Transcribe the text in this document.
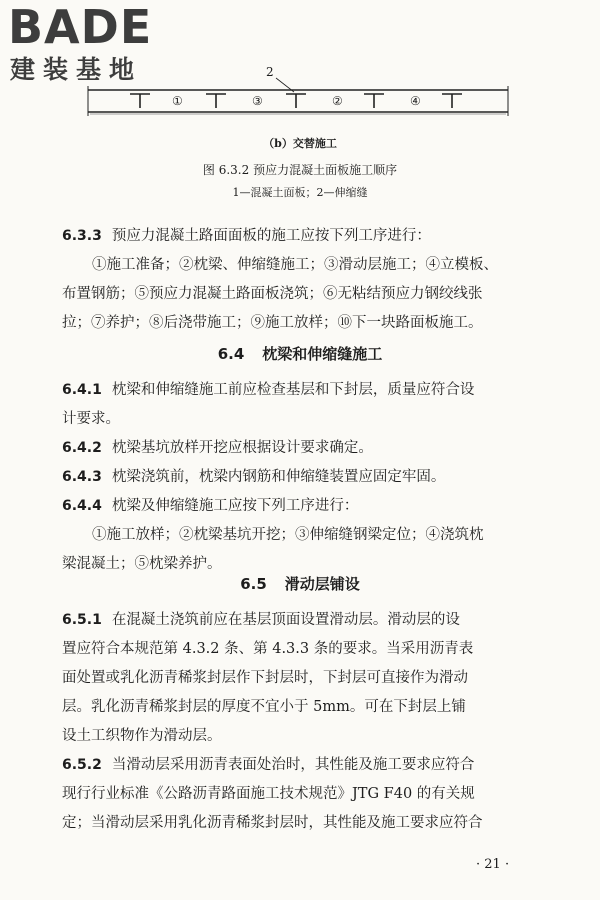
BADE
建装基地	2
①	③	②	④
（b）交替施工
图 6.3.2 预应力混凝土面板施工顺序
1—混凝土面板；2—伸缩缝
6.3.3 预应力混凝土路面面板的施工应按下列工序进行：
①施工准备；②枕梁、伸缩缝施工；③滑动层施工；④立模板、
布置钢筋；⑤预应力混凝土路面板浇筑；⑥无粘结预应力钢绞线张
拉；⑦养护；⑧后浇带施工；⑨施工放样；⑩下一块路面板施工。
6.4 枕梁和伸缩缝施工
6.4.1 枕梁和伸缩缝施工前应检查基层和下封层，质量应符合设
计要求。
6.4.2 枕梁基坑放样开挖应根据设计要求确定。
6.4.3 枕梁浇筑前，枕梁内钢筋和伸缩缝装置应固定牢固。
6.4.4 枕梁及伸缩缝施工应按下列工序进行：
①施工放样；②枕梁基坑开挖；③伸缩缝钢梁定位；④浇筑枕
梁混凝土；⑤枕梁养护。
6.5 滑动层铺设
6.5.1 在混凝土浇筑前应在基层顶面设置滑动层。滑动层的设
置应符合本规范第 4.3.2 条、第 4.3.3 条的要求。当采用沥青表
面处置或乳化沥青稀浆封层作下封层时，下封层可直接作为滑动
层。乳化沥青稀浆封层的厚度不宜小于 5mm。可在下封层上铺
设土工织物作为滑动层。
6.5.2 当滑动层采用沥青表面处治时，其性能及施工要求应符合
现行行业标准《公路沥青路面施工技术规范》JTG F40 的有关规
定；当滑动层采用乳化沥青稀浆封层时，其性能及施工要求应符合
· 21 ·
